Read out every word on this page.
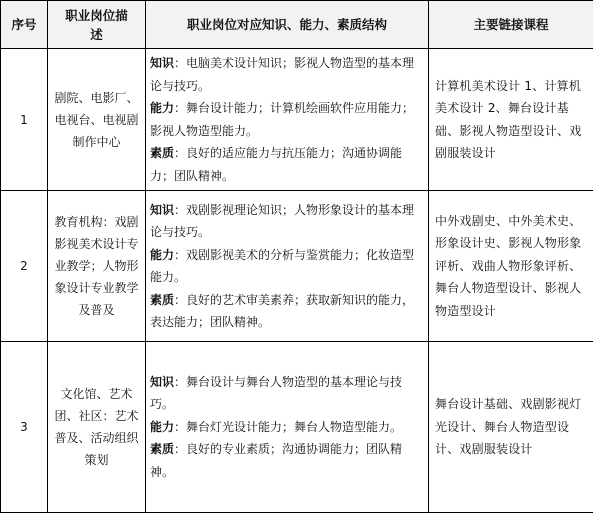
序号	职业岗位描述	职业岗位对应知识、能力、素质结构	主要链接课程
1	剧院、电影厂、电视台、电视剧制作中心	知识：电脑美术设计知识；影视人物造型的基本理论与技巧。
能力：舞台设计能力；计算机绘画软件应用能力；影视人物造型能力。
素质：良好的适应能力与抗压能力；沟通协调能力；团队精神。	计算机美术设计 1、计算机美术设计 2、舞台设计基础、影视人物造型设计、戏剧服装设计
2	教育机构：戏剧影视美术设计专业教学；人物形象设计专业教学及普及	知识：戏剧影视理论知识；人物形象设计的基本理论与技巧。
能力：戏剧影视美术的分析与鉴赏能力；化妆造型能力。
素质：良好的艺术审美素养；获取新知识的能力，表达能力；团队精神。	中外戏剧史、中外美术史、形象设计史、影视人物形象评析、戏曲人物形象评析、舞台人物造型设计、影视人物造型设计
3	文化馆、艺术团、社区：艺术普及、活动组织策划	知识：舞台设计与舞台人物造型的基本理论与技巧。
能力：舞台灯光设计能力；舞台人物造型能力。
素质：良好的专业素质；沟通协调能力；团队精神。	舞台设计基础、戏剧影视灯光设计、舞台人物造型设计、戏剧服装设计
